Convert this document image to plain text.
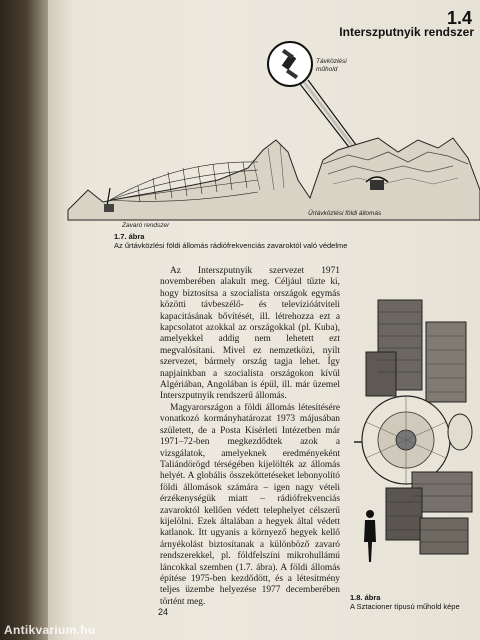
1.4
Interszputnyik rendszer
Távközlési
műhold
Zavaró rendszer
Űrtávközlési földi állomás
1.7. ábra
Az űrtávközlési földi állomás rádiófrekvenciás zavaroktól való védelme

Az Interszputnyik szervezet 1971 novemberében alakult meg. Céljául tűzte ki, hogy biztosítsa a szocialista országok egymás közötti távbeszélő- és televízióátviteli kapacitásának bővítését, ill. létrehozza ezt a kapcsolatot azokkal az országokkal (pl. Kuba), amelyekkel addig nem lehetett ezt megvalósítani. Mivel ez nemzetközi, nyílt szervezet, bármely ország tagja lehet. Így napjainkban a szocialista országokon kívül Algériában, Angolában is épül, ill. már üzemel Interszputnyik rendszerű állomás.

Magyarországon a földi állomás létesítésére vonatkozó kormányhatározat 1973 májusában született, de a Posta Kísérleti Intézetben már 1971–72-ben megkezdődtek azok a vizsgálatok, amelyeknek eredményeként Taliándörögd térségében kijelölték az állomás helyét. A globális összeköttetéseket lebonyolító földi állomások számára – igen nagy vételi érzékenységük miatt – rádiófrekvenciás zavaroktól kellően védett telephelyet célszerű kijelölni. Ezek általában a hegyek által védett katlanok. Itt ugyanis a környező hegyek kellő árnyékolást biztosítanak a különböző zavaró rendszerekkel, pl. földfelszíni mikrohullámú láncokkal szemben (1.7. ábra). A földi állomás építése 1975-ben kezdődött, és a létesítmény teljes üzembe helyezése 1977 decemberében történt meg.	1.8. ábra
A Sztacioner típusú műhold képe
24
Antikvarium.hu
